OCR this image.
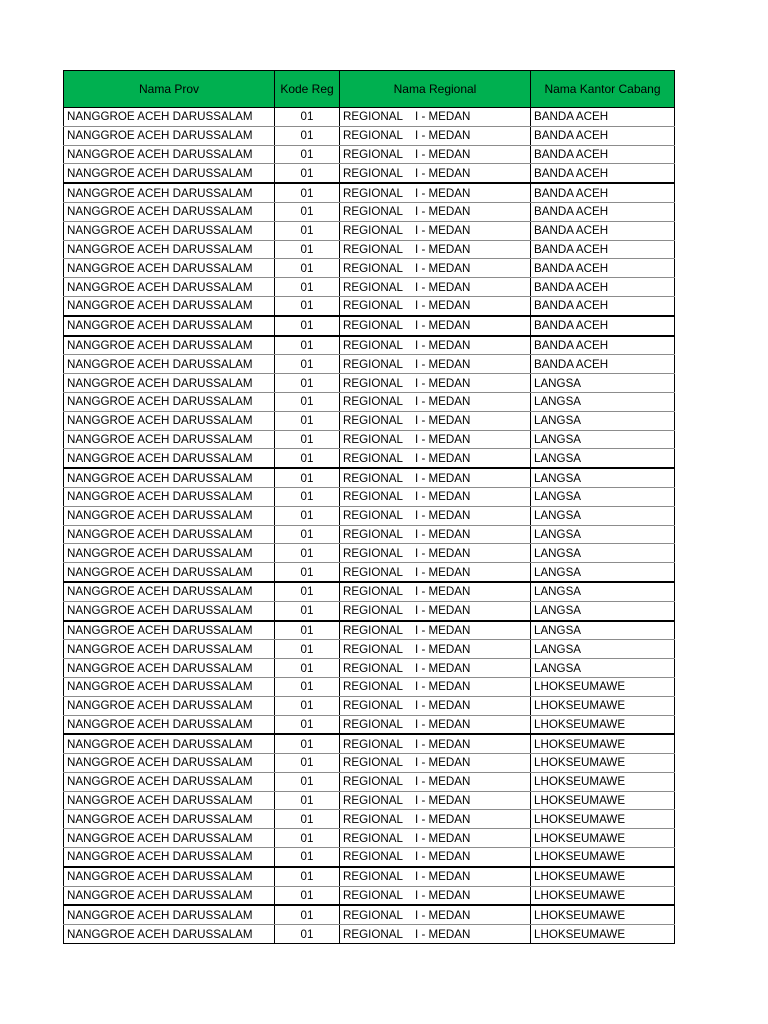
Nama Prov	Kode Reg	Nama Regional	Nama Kantor Cabang
NANGGROE ACEH DARUSSALAM	01	REGIONAL I - MEDAN	BANDA ACEH
NANGGROE ACEH DARUSSALAM	01	REGIONAL I - MEDAN	BANDA ACEH
NANGGROE ACEH DARUSSALAM	01	REGIONAL I - MEDAN	BANDA ACEH
NANGGROE ACEH DARUSSALAM	01	REGIONAL I - MEDAN	BANDA ACEH
NANGGROE ACEH DARUSSALAM	01	REGIONAL I - MEDAN	BANDA ACEH
NANGGROE ACEH DARUSSALAM	01	REGIONAL I - MEDAN	BANDA ACEH
NANGGROE ACEH DARUSSALAM	01	REGIONAL I - MEDAN	BANDA ACEH
NANGGROE ACEH DARUSSALAM	01	REGIONAL I - MEDAN	BANDA ACEH
NANGGROE ACEH DARUSSALAM	01	REGIONAL I - MEDAN	BANDA ACEH
NANGGROE ACEH DARUSSALAM	01	REGIONAL I - MEDAN	BANDA ACEH
NANGGROE ACEH DARUSSALAM	01	REGIONAL I - MEDAN	BANDA ACEH
NANGGROE ACEH DARUSSALAM	01	REGIONAL I - MEDAN	BANDA ACEH
NANGGROE ACEH DARUSSALAM	01	REGIONAL I - MEDAN	BANDA ACEH
NANGGROE ACEH DARUSSALAM	01	REGIONAL I - MEDAN	BANDA ACEH
NANGGROE ACEH DARUSSALAM	01	REGIONAL I - MEDAN	LANGSA
NANGGROE ACEH DARUSSALAM	01	REGIONAL I - MEDAN	LANGSA
NANGGROE ACEH DARUSSALAM	01	REGIONAL I - MEDAN	LANGSA
NANGGROE ACEH DARUSSALAM	01	REGIONAL I - MEDAN	LANGSA
NANGGROE ACEH DARUSSALAM	01	REGIONAL I - MEDAN	LANGSA
NANGGROE ACEH DARUSSALAM	01	REGIONAL I - MEDAN	LANGSA
NANGGROE ACEH DARUSSALAM	01	REGIONAL I - MEDAN	LANGSA
NANGGROE ACEH DARUSSALAM	01	REGIONAL I - MEDAN	LANGSA
NANGGROE ACEH DARUSSALAM	01	REGIONAL I - MEDAN	LANGSA
NANGGROE ACEH DARUSSALAM	01	REGIONAL I - MEDAN	LANGSA
NANGGROE ACEH DARUSSALAM	01	REGIONAL I - MEDAN	LANGSA
NANGGROE ACEH DARUSSALAM	01	REGIONAL I - MEDAN	LANGSA
NANGGROE ACEH DARUSSALAM	01	REGIONAL I - MEDAN	LANGSA
NANGGROE ACEH DARUSSALAM	01	REGIONAL I - MEDAN	LANGSA
NANGGROE ACEH DARUSSALAM	01	REGIONAL I - MEDAN	LANGSA
NANGGROE ACEH DARUSSALAM	01	REGIONAL I - MEDAN	LANGSA
NANGGROE ACEH DARUSSALAM	01	REGIONAL I - MEDAN	LHOKSEUMAWE
NANGGROE ACEH DARUSSALAM	01	REGIONAL I - MEDAN	LHOKSEUMAWE
NANGGROE ACEH DARUSSALAM	01	REGIONAL I - MEDAN	LHOKSEUMAWE
NANGGROE ACEH DARUSSALAM	01	REGIONAL I - MEDAN	LHOKSEUMAWE
NANGGROE ACEH DARUSSALAM	01	REGIONAL I - MEDAN	LHOKSEUMAWE
NANGGROE ACEH DARUSSALAM	01	REGIONAL I - MEDAN	LHOKSEUMAWE
NANGGROE ACEH DARUSSALAM	01	REGIONAL I - MEDAN	LHOKSEUMAWE
NANGGROE ACEH DARUSSALAM	01	REGIONAL I - MEDAN	LHOKSEUMAWE
NANGGROE ACEH DARUSSALAM	01	REGIONAL I - MEDAN	LHOKSEUMAWE
NANGGROE ACEH DARUSSALAM	01	REGIONAL I - MEDAN	LHOKSEUMAWE
NANGGROE ACEH DARUSSALAM	01	REGIONAL I - MEDAN	LHOKSEUMAWE
NANGGROE ACEH DARUSSALAM	01	REGIONAL I - MEDAN	LHOKSEUMAWE
NANGGROE ACEH DARUSSALAM	01	REGIONAL I - MEDAN	LHOKSEUMAWE
NANGGROE ACEH DARUSSALAM	01	REGIONAL I - MEDAN	LHOKSEUMAWE
